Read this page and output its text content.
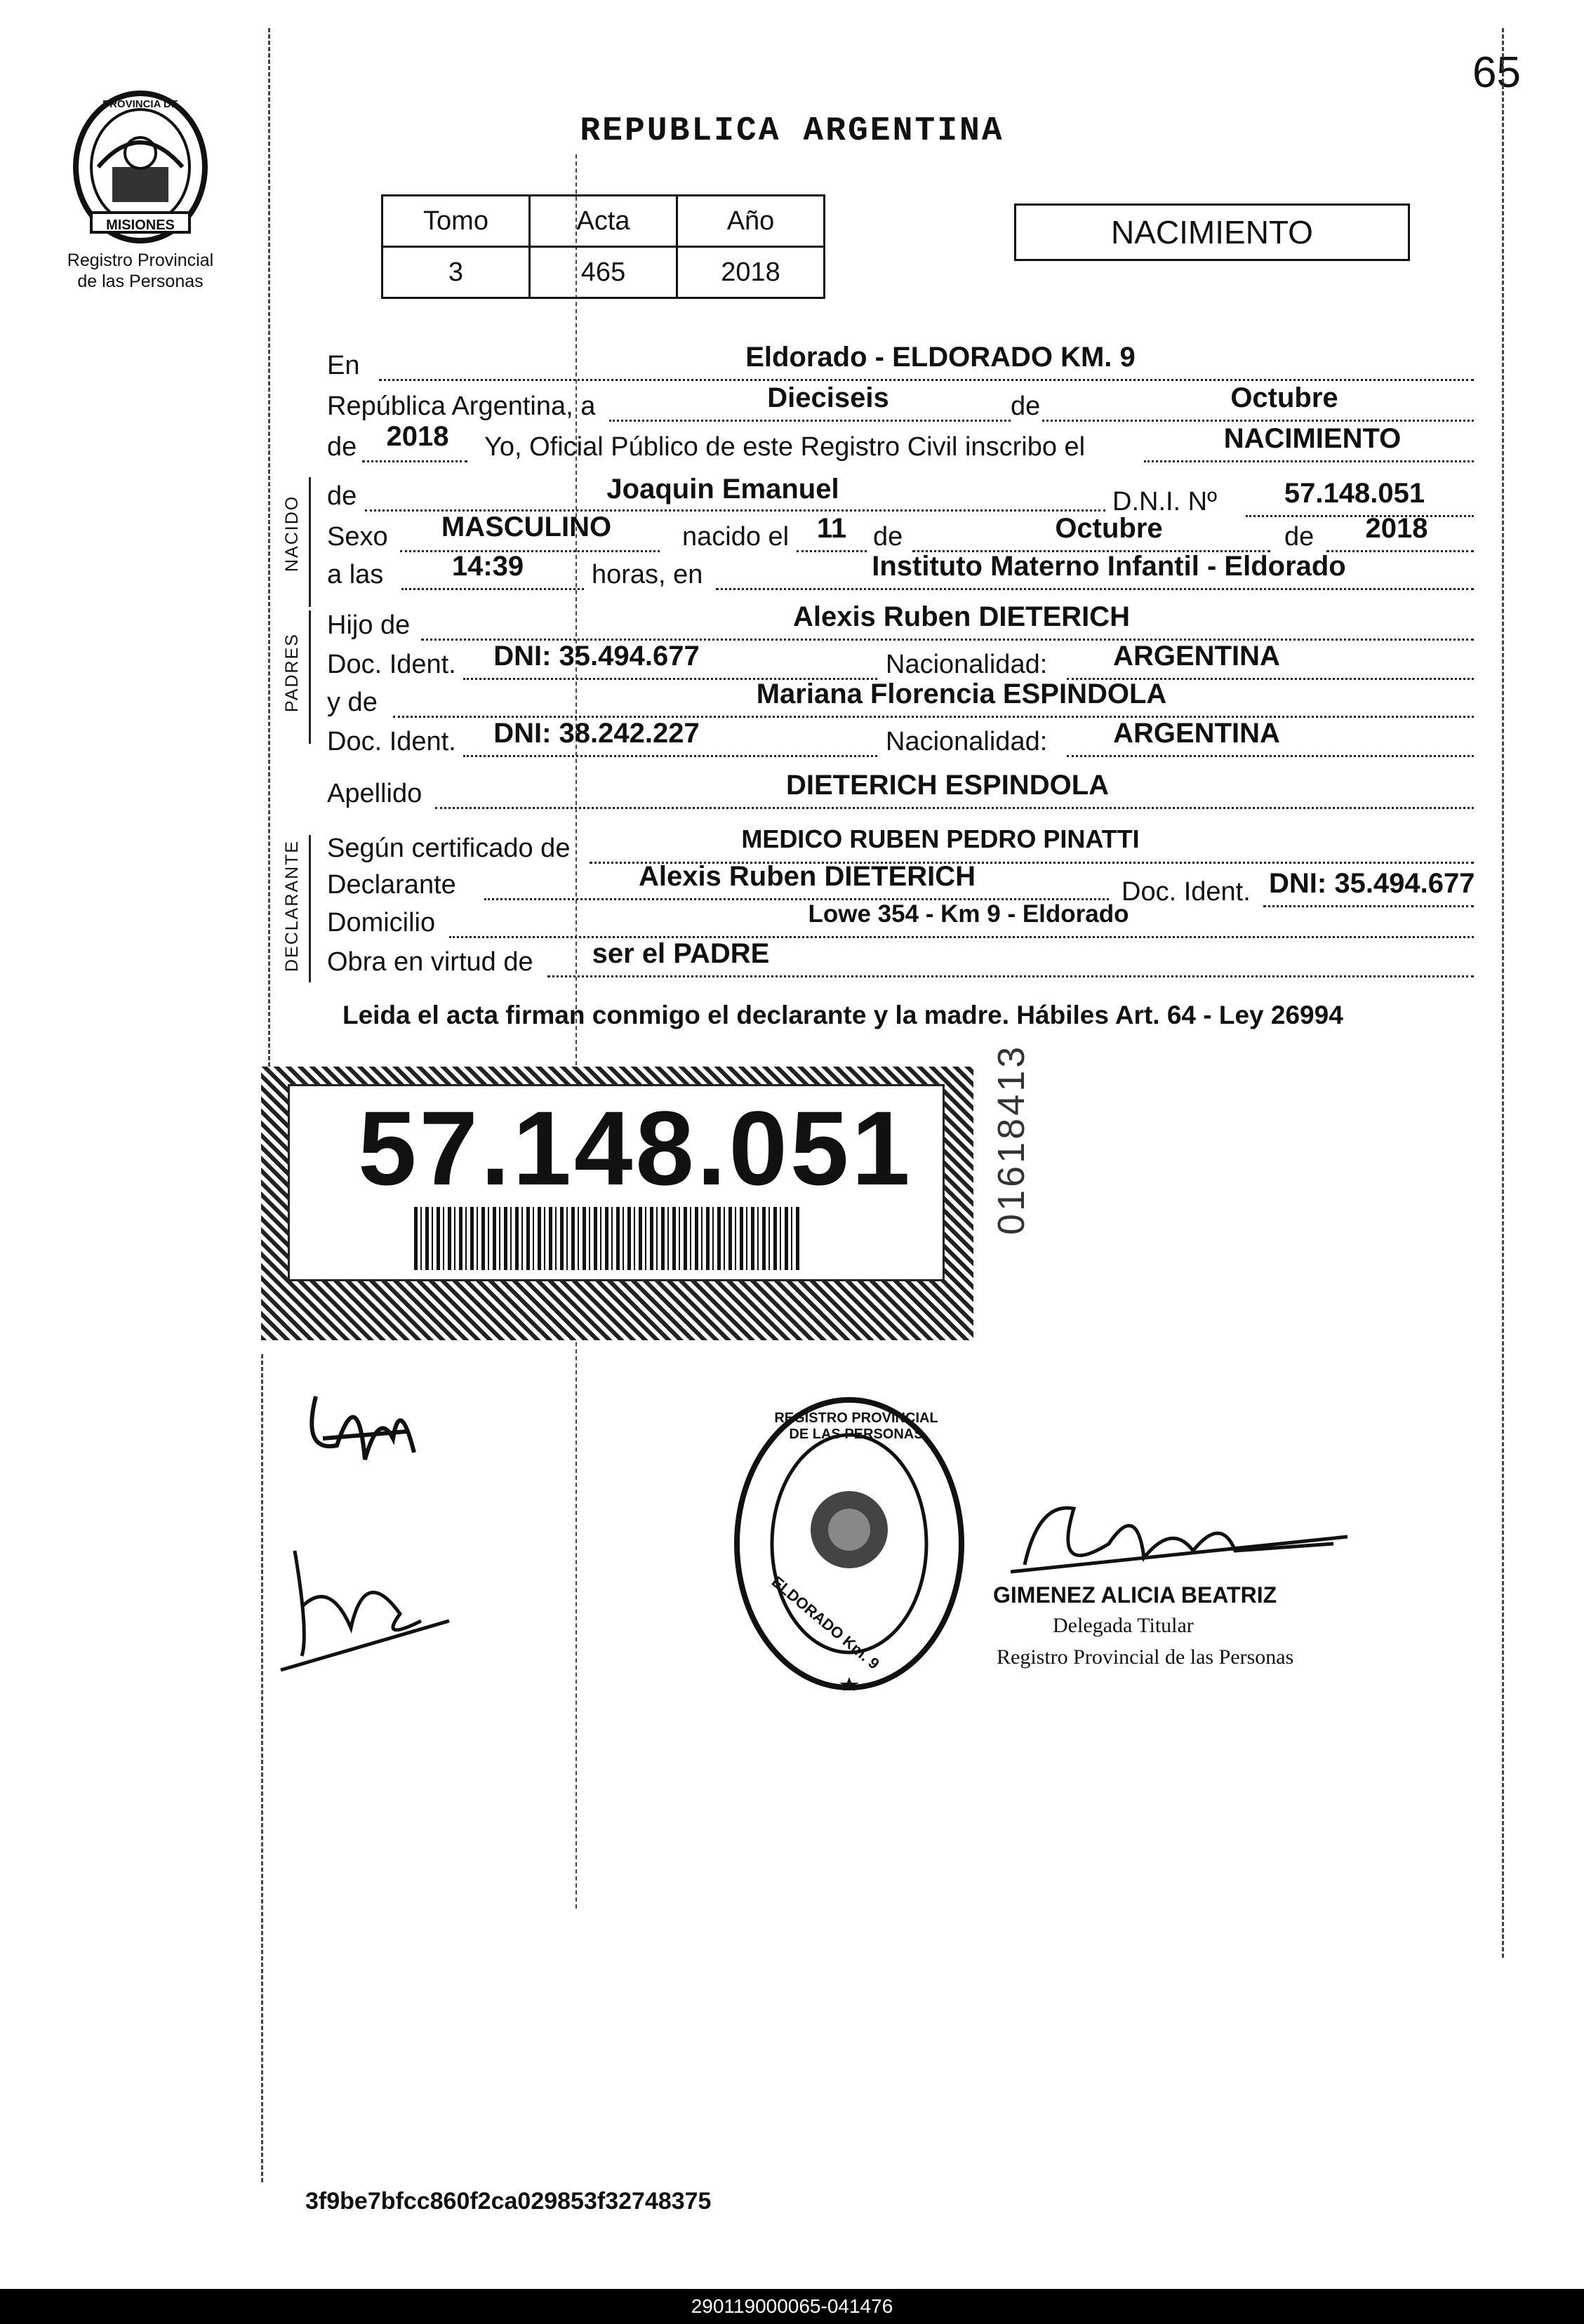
65
REPUBLICA ARGENTINA
PROVINCIA DE
MISIONES
Registro Provincial
de las Personas
Tomo	Acta	Año
3	465	2018
NACIMIENTO
En	Eldorado - ELDORADO KM. 9
República Argentina, a	Dieciseis	de	Octubre
de	2018	Yo, Oficial Público de este Registro Civil inscribo el	NACIMIENTO
NACIDO de	Joaquin Emanuel	D.N.I. Nº	57.148.051
Sexo	MASCULINO	nacido el 11 de	Octubre	de	2018
a las	14:39	horas, en	Instituto Materno Infantil - Eldorado
PADRES
Hijo de	Alexis Ruben DIETERICH
Doc. Ident. DNI: 35.494.677	Nacionalidad:	ARGENTINA
y de	Mariana Florencia ESPINDOLA
Doc. Ident. DNI: 38.242.227	Nacionalidad:	ARGENTINA
Apellido	DIETERICH ESPINDOLA
DECLARANTE Según certificado de	MEDICO RUBEN PEDRO PINATTI
Declarante	Alexis Ruben DIETERICH	Doc. Ident. DNI: 35.494.677
Domicilio	Lowe 354 - Km 9 - Eldorado
Obra en virtud de	ser el PADRE
Leida el acta firman conmigo el declarante y la madre. Hábiles Art. 64 - Ley 26994
57.148.051 01618413
ELDORADO Km. 9
REGISTRO PROVINCIAL DE LAS PERSONAS
GIMENEZ ALICIA BEATRIZ
Delegada Titular
Registro Provincial de las Personas
3f9be7bfcc860f2ca029853f32748375
290119000065-041476
